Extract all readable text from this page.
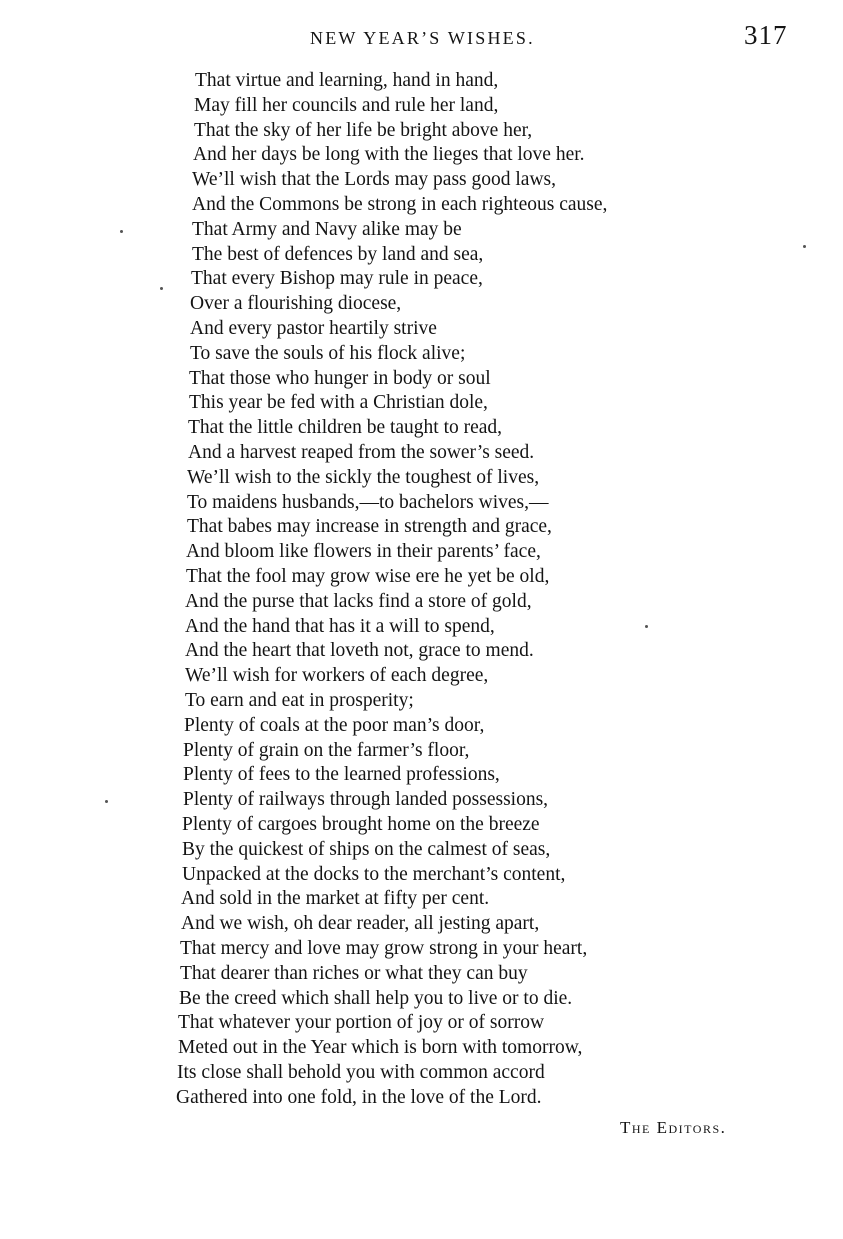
NEW YEAR’S WISHES.	317
That virtue and learning, hand in hand,
May fill her councils and rule her land,
That the sky of her life be bright above her,
And her days be long with the lieges that love her.
We’ll wish that the Lords may pass good laws,
And the Commons be strong in each righteous cause,
That Army and Navy alike may be
The best of defences by land and sea,
That every Bishop may rule in peace,
Over a flourishing diocese,
And every pastor heartily strive
To save the souls of his flock alive;
That those who hunger in body or soul
This year be fed with a Christian dole,
That the little children be taught to read,
And a harvest reaped from the sower’s seed.
We’ll wish to the sickly the toughest of lives,
To maidens husbands,—to bachelors wives,—
That babes may increase in strength and grace,
And bloom like flowers in their parents’ face,
That the fool may grow wise ere he yet be old,
And the purse that lacks find a store of gold,
And the hand that has it a will to spend,
And the heart that loveth not, grace to mend.
We’ll wish for workers of each degree,
To earn and eat in prosperity;
Plenty of coals at the poor man’s door,
Plenty of grain on the farmer’s floor,
Plenty of fees to the learned professions,
Plenty of railways through landed possessions,
Plenty of cargoes brought home on the breeze
By the quickest of ships on the calmest of seas,
Unpacked at the docks to the merchant’s content,
And sold in the market at fifty per cent.
And we wish, oh dear reader, all jesting apart,
That mercy and love may grow strong in your heart,
That dearer than riches or what they can buy
Be the creed which shall help you to live or to die.
That whatever your portion of joy or of sorrow
Meted out in the Year which is born with tomorrow,
Its close shall behold you with common accord
Gathered into one fold, in the love of the Lord.
The Editors.
